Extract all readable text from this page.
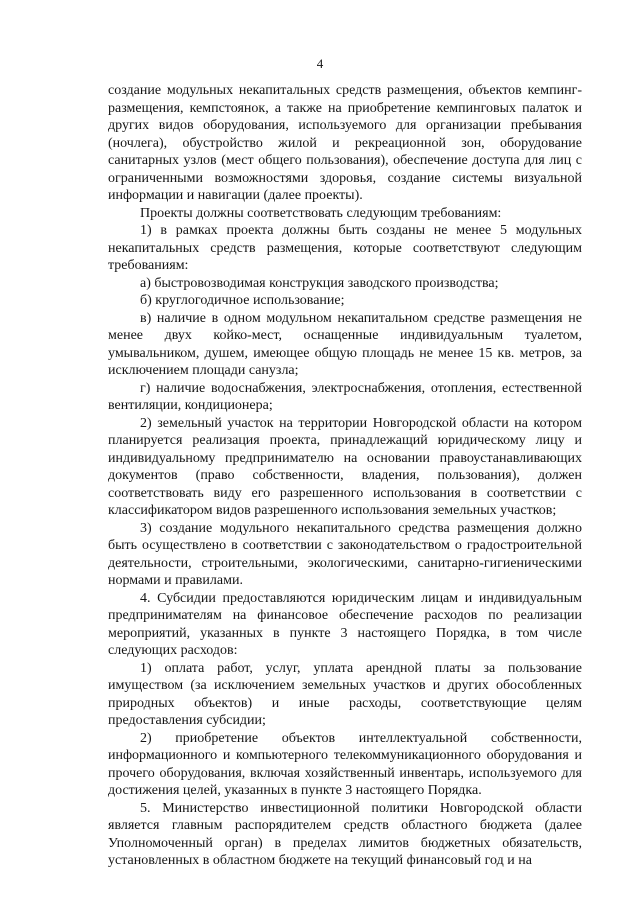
4

создание модульных некапитальных средств размещения, объектов кемпинг-размещения, кемпстоянок, а также на приобретение кемпинговых палаток и других видов оборудования, используемого для организации пребывания (ночлега), обустройство жилой и рекреационной зон, оборудование санитарных узлов (мест общего пользования), обеспечение доступа для лиц с ограниченными возможностями здоровья, создание системы визуальной информации и навигации (далее проекты).

Проекты должны соответствовать следующим требованиям:

1) в рамках проекта должны быть созданы не менее 5 модульных некапитальных средств размещения, которые соответствуют следующим требованиям:

а) быстровозводимая конструкция заводского производства;

б) круглогодичное использование;

в) наличие в одном модульном некапитальном средстве размещения не менее двух койко-мест, оснащенные индивидуальным туалетом, умывальником, душем, имеющее общую площадь не менее 15 кв. метров, за исключением площади санузла;

г) наличие водоснабжения, электроснабжения, отопления, естественной вентиляции, кондиционера;

2) земельный участок на территории Новгородской области на котором планируется реализация проекта, принадлежащий юридическому лицу и индивидуальному предпринимателю на основании правоустанавливающих документов (право собственности, владения, пользования), должен соответствовать виду его разрешенного использования в соответствии с классификатором видов разрешенного использования земельных участков;

3) создание модульного некапитального средства размещения должно быть осуществлено в соответствии с законодательством о градостроительной деятельности, строительными, экологическими, санитарно-гигиеническими нормами и правилами.

4. Субсидии предоставляются юридическим лицам и индивидуальным предпринимателям на финансовое обеспечение расходов по реализации мероприятий, указанных в пункте 3 настоящего Порядка, в том числе следующих расходов:

1) оплата работ, услуг, уплата арендной платы за пользование имуществом (за исключением земельных участков и других обособленных природных объектов) и иные расходы, соответствующие целям предоставления субсидии;

2) приобретение объектов интеллектуальной собственности, информационного и компьютерного телекоммуникационного оборудования и прочего оборудования, включая хозяйственный инвентарь, используемого для достижения целей, указанных в пункте 3 настоящего Порядка.

5. Министерство инвестиционной политики Новгородской области является главным распорядителем средств областного бюджета (далее Уполномоченный орган) в пределах лимитов бюджетных обязательств, установленных в областном бюджете на текущий финансовый год и на
